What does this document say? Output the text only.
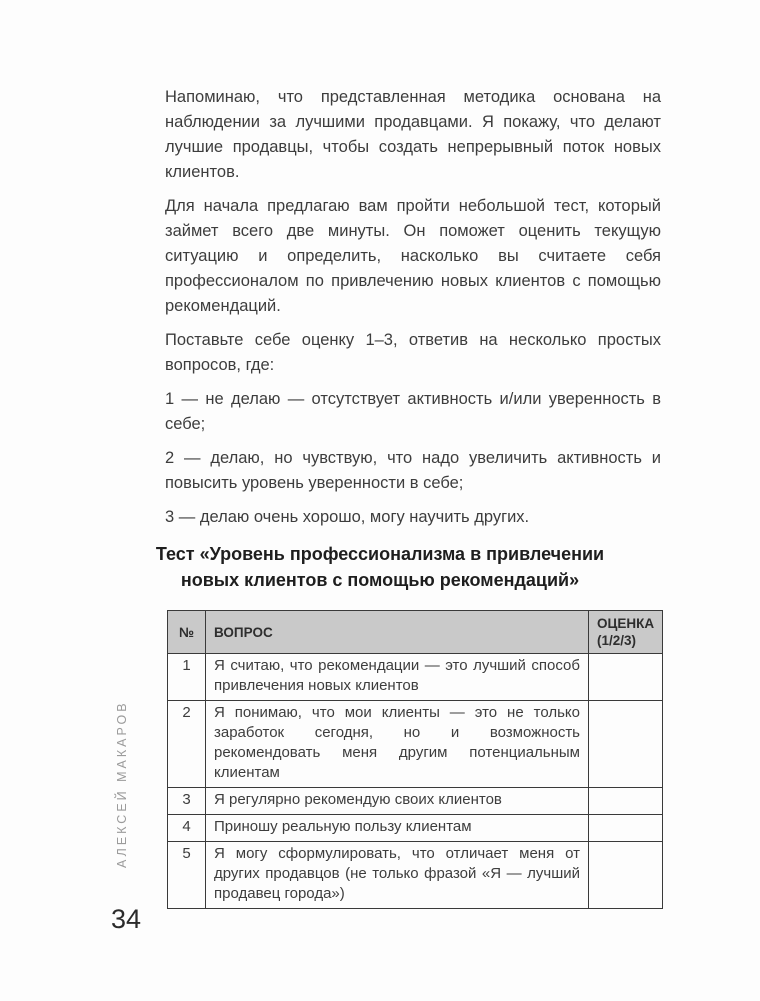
Напоминаю, что представленная методика основана на наблюдении за лучшими продавцами. Я покажу, что делают лучшие продавцы, чтобы создать непрерывный поток новых клиентов.

Для начала предлагаю вам пройти небольшой тест, который займет всего две минуты. Он поможет оценить текущую ситуацию и определить, насколько вы считаете себя профессионалом по привлечению новых клиентов с помощью рекомендаций.

Поставьте себе оценку 1–3, ответив на несколько простых вопросов, где:

1 — не делаю — отсутствует активность и/или уверенность в себе;

2 — делаю, но чувствую, что надо увеличить активность и повысить уровень уверенности в себе;

3 — делаю очень хорошо, могу научить других.

Тест «Уровень профессионализма в привлечении
новых клиентов с помощью рекомендаций»
№	ВОПРОС	ОЦЕНКА
(1/2/3)

1	Я считаю, что рекомендации — это лучший способ привлечения новых клиентов	
2	Я понимаю, что мои клиенты — это не только заработок сегодня, но и возможность рекомендовать меня другим потенциальным клиентам	
3	Я регулярно рекомендую своих клиентов	
4	Приношу реальную пользу клиентам	
5	Я могу сформулировать, что отличает меня от других продавцов (не только фразой «Я — лучший продавец города»)	
АЛЕКСЕЙ МАКАРОВ
34
